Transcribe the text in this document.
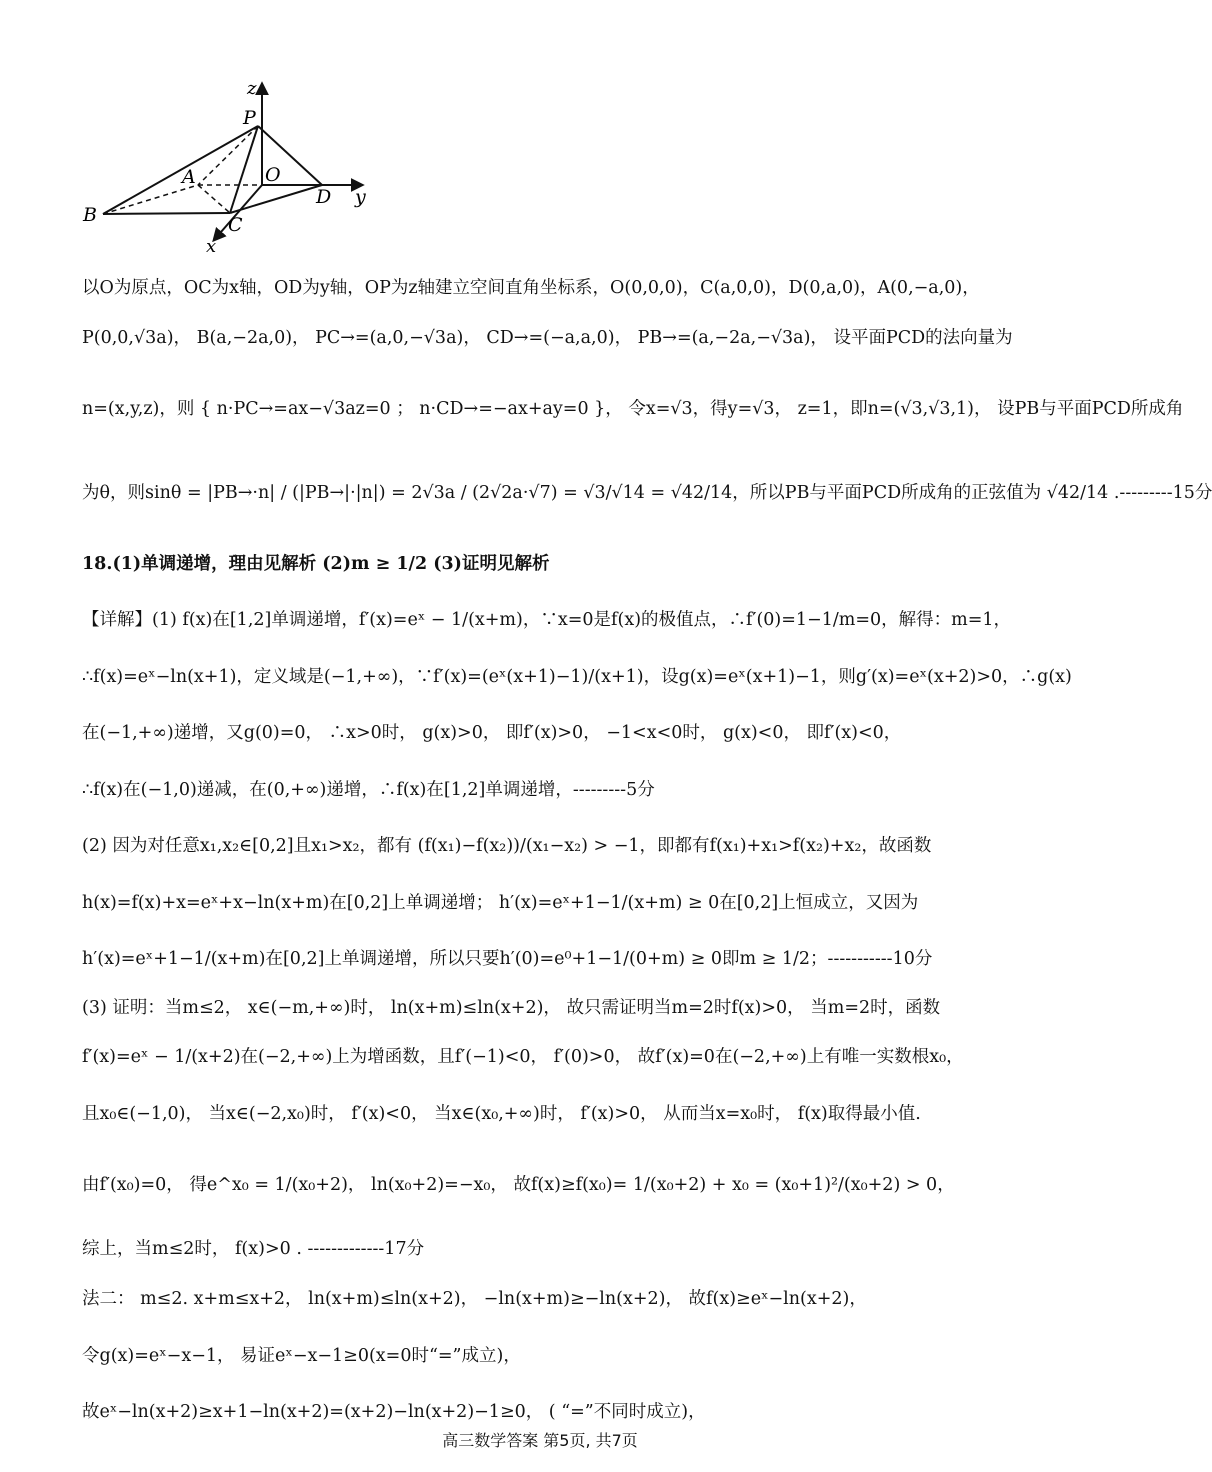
z
P
A	O
D y
B	C
x
以O为原点，OC为x轴，OD为y轴，OP为z轴建立空间直角坐标系，O(0,0,0)，C(a,0,0)，D(0,a,0)，A(0,−a,0)，
P(0,0,√3a)， B(a,−2a,0)， PC→=(a,0,−√3a)， CD→=(−a,a,0)， PB→=(a,−2a,−√3a)， 设平面PCD的法向量为
n=(x,y,z)，则 { n·PC→=ax−√3az=0 ； n·CD→=−ax+ay=0 }， 令x=√3，得y=√3， z=1，即n=(√3,√3,1)， 设PB与平面PCD所成角
为θ，则sinθ = |PB→·n| / (|PB→|·|n|) = 2√3a / (2√2a·√7) = √3/√14 = √42/14，所以PB与平面PCD所成角的正弦值为 √42/14 .---------15分
18.(1)单调递增，理由见解析 (2)m ≥ 1/2 (3)证明见解析
【详解】(1) f(x)在[1,2]单调递增，f′(x)=eˣ − 1/(x+m)，∵x=0是f(x)的极值点，∴f′(0)=1−1/m=0，解得：m=1，
∴f(x)=eˣ−ln(x+1)，定义域是(−1,+∞)，∵f′(x)=(eˣ(x+1)−1)/(x+1)，设g(x)=eˣ(x+1)−1，则g′(x)=eˣ(x+2)>0，∴g(x)
在(−1,+∞)递增，又g(0)=0， ∴x>0时， g(x)>0， 即f′(x)>0， −1<x<0时， g(x)<0， 即f′(x)<0，
∴f(x)在(−1,0)递减，在(0,+∞)递增，∴f(x)在[1,2]单调递增，---------5分
(2) 因为对任意x₁,x₂∈[0,2]且x₁>x₂，都有 (f(x₁)−f(x₂))/(x₁−x₂) > −1，即都有f(x₁)+x₁>f(x₂)+x₂，故函数
h(x)=f(x)+x=eˣ+x−ln(x+m)在[0,2]上单调递增； h′(x)=eˣ+1−1/(x+m) ≥ 0在[0,2]上恒成立，又因为
h′(x)=eˣ+1−1/(x+m)在[0,2]上单调递增，所以只要h′(0)=e⁰+1−1/(0+m) ≥ 0即m ≥ 1/2；-----------10分
(3) 证明：当m≤2， x∈(−m,+∞)时， ln(x+m)≤ln(x+2)， 故只需证明当m=2时f(x)>0， 当m=2时，函数
f′(x)=eˣ − 1/(x+2)在(−2,+∞)上为增函数，且f′(−1)<0， f′(0)>0， 故f′(x)=0在(−2,+∞)上有唯一实数根x₀，
且x₀∈(−1,0)， 当x∈(−2,x₀)时， f′(x)<0， 当x∈(x₀,+∞)时， f′(x)>0， 从而当x=x₀时， f(x)取得最小值.
由f′(x₀)=0， 得e^x₀ = 1/(x₀+2)， ln(x₀+2)=−x₀， 故f(x)≥f(x₀)= 1/(x₀+2) + x₀ = (x₀+1)²/(x₀+2) > 0，
综上，当m≤2时， f(x)>0 . -------------17分
法二： m≤2. x+m≤x+2， ln(x+m)≤ln(x+2)， −ln(x+m)≥−ln(x+2)， 故f(x)≥eˣ−ln(x+2)，
令g(x)=eˣ−x−1， 易证eˣ−x−1≥0(x=0时“=”成立)，
故eˣ−ln(x+2)≥x+1−ln(x+2)=(x+2)−ln(x+2)−1≥0， ( “=”不同时成立)，
高三数学答案 第5页, 共7页
